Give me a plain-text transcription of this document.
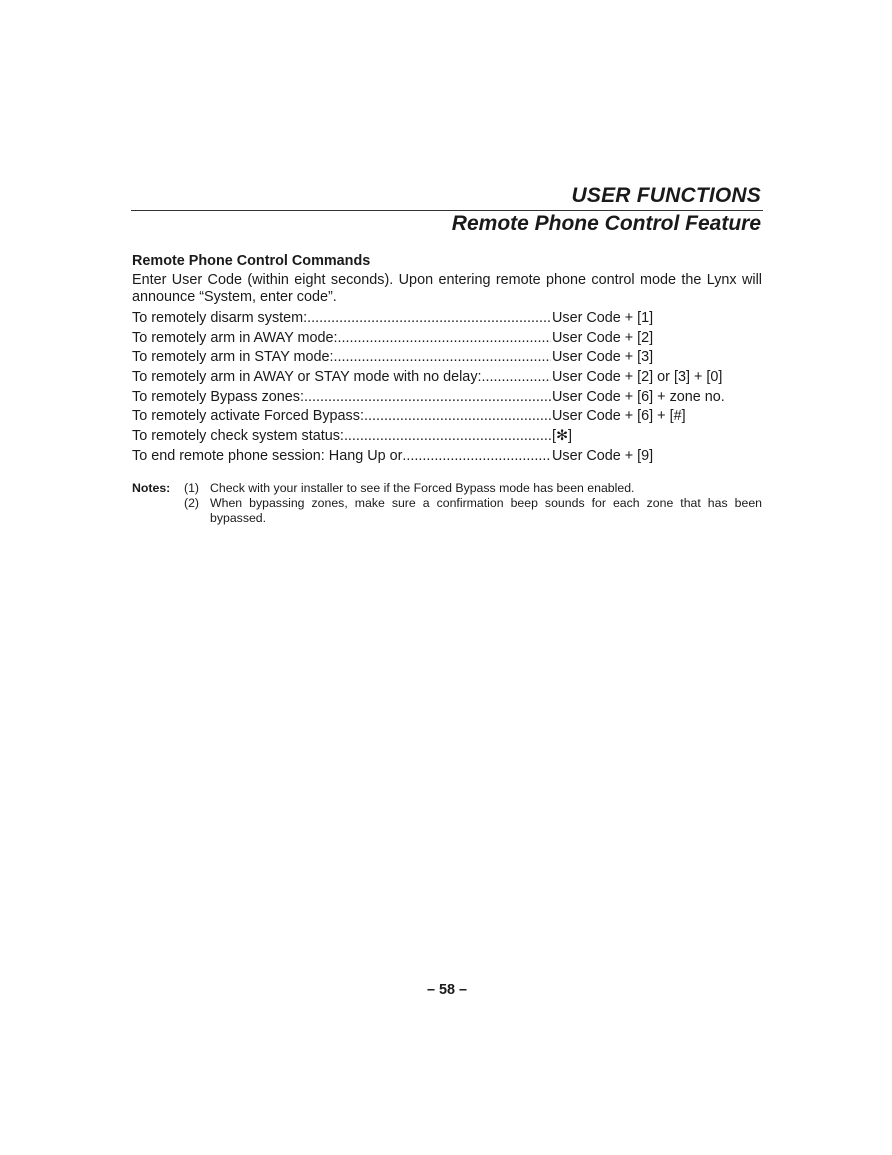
USER FUNCTIONS
Remote Phone Control Feature
Remote Phone Control Commands
Enter User Code (within eight seconds). Upon entering remote phone control mode the Lynx will announce “System, enter code”.
To remotely disarm system: .....	User Code + [1]
To remotely arm in AWAY mode: .....	User Code + [2]
To remotely arm in STAY mode: .....	User Code + [3]
To remotely arm in AWAY or STAY mode with no delay: .....	User Code + [2] or [3] + [0]
To remotely Bypass zones: .....	User Code + [6] + zone no.
To remotely activate Forced Bypass: .....	User Code + [6] + [#]
To remotely check system status: .....	[✻]
To end remote phone session: Hang Up or .....	User Code + [9]
Notes:	(1) Check with your installer to see if the Forced Bypass mode has been enabled.
(2) When bypassing zones, make sure a confirmation beep sounds for each zone that has been bypassed.
– 58 –
